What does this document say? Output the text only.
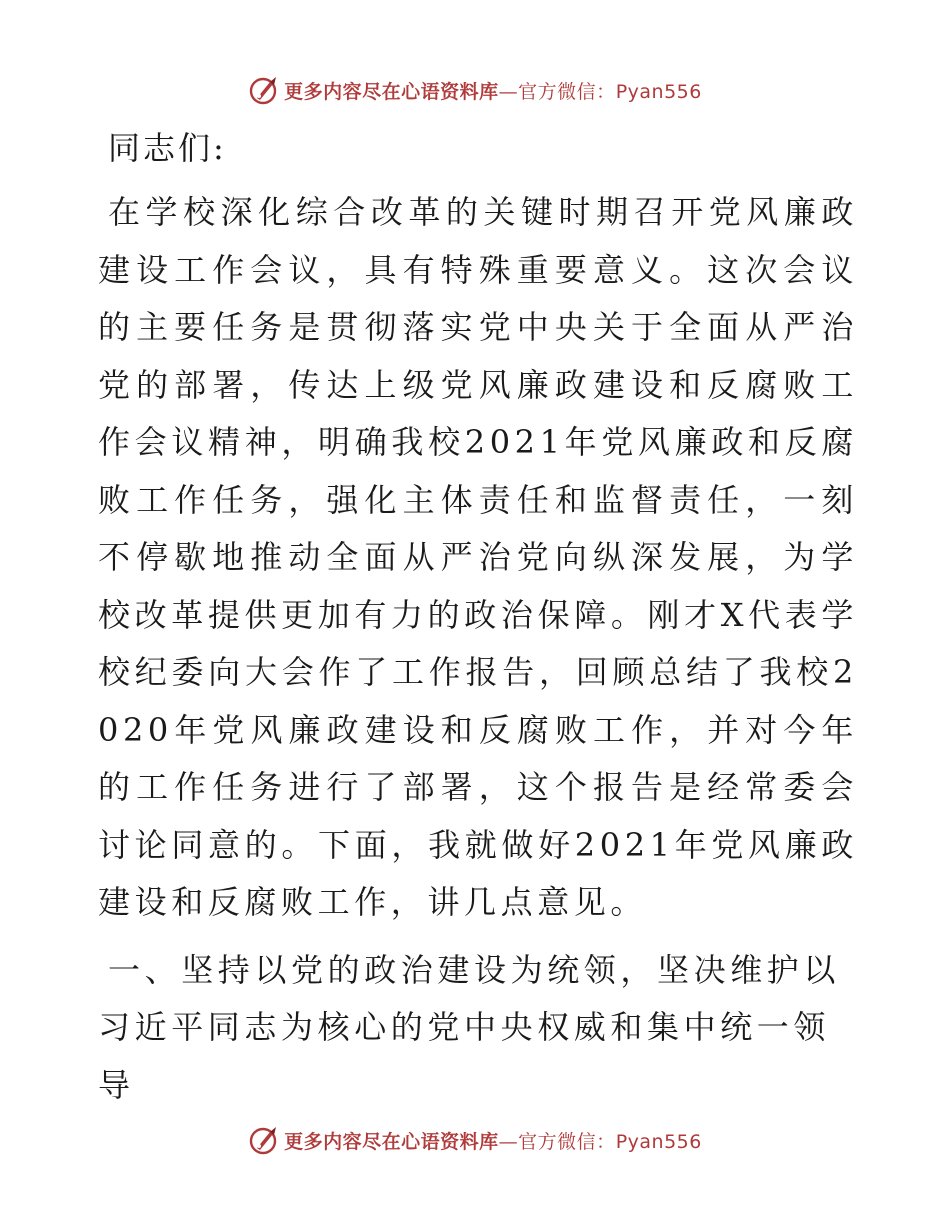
更多内容尽在心语资料库—官方微信：Pyan556
同志们:

在学校深化综合改革的关键时期召开党风廉政建设工作会议，具有特殊重要意义。这次会议的主要任务是贯彻落实党中央关于全面从严治党的部署，传达上级党风廉政建设和反腐败工作会议精神，明确我校2021年党风廉政和反腐败工作任务，强化主体责任和监督责任，一刻不停歇地推动全面从严治党向纵深发展，为学校改革提供更加有力的政治保障。刚才X代表学校纪委向大会作了工作报告，回顾总结了我校2020年党风廉政建设和反腐败工作，并对今年的工作任务进行了部署，这个报告是经常委会讨论同意的。下面，我就做好2021年党风廉政建设和反腐败工作，讲几点意见。

一、坚持以党的政治建设为统领，坚决维护以习近平同志为核心的党中央权威和集中统一领导

更多内容尽在心语资料库—官方微信：Pyan556
